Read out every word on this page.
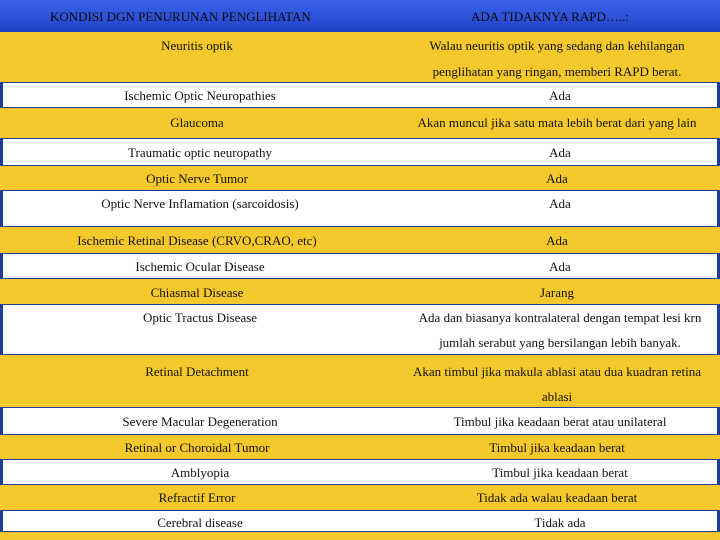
KONDISI DGN PENURUNAN PENGLIHATAN	ADA TIDAKNYA RAPD…..:
Neuritis optik	Walau neuritis optik yang sedang dan kehilangan
penglihatan yang ringan, memberi RAPD berat.
Ischemic Optic Neuropathies	Ada
Glaucoma	Akan muncul jika satu mata lebih berat dari yang lain
Traumatic optic neuropathy	Ada
Optic Nerve Tumor	Ada
Optic Nerve Inflamation (sarcoidosis)	Ada
Ischemic Retinal Disease (CRVO,CRAO, etc)	Ada
Ischemic Ocular Disease	Ada
Chiasmal Disease	Jarang
Optic Tractus Disease	Ada dan biasanya kontralateral dengan tempat lesi krn
jumlah serabut yang bersilangan lebih banyak.
Retinal Detachment	Akan timbul jika makula ablasi atau dua kuadran retina
ablasi
Severe Macular Degeneration	Timbul jika keadaan berat atau unilateral
Retinal or Choroidal Tumor	Timbul jika keadaan berat
Amblyopia	Timbul jika keadaan berat
Refractif Error	Tidak ada walau keadaan berat
Cerebral disease	Tidak ada
